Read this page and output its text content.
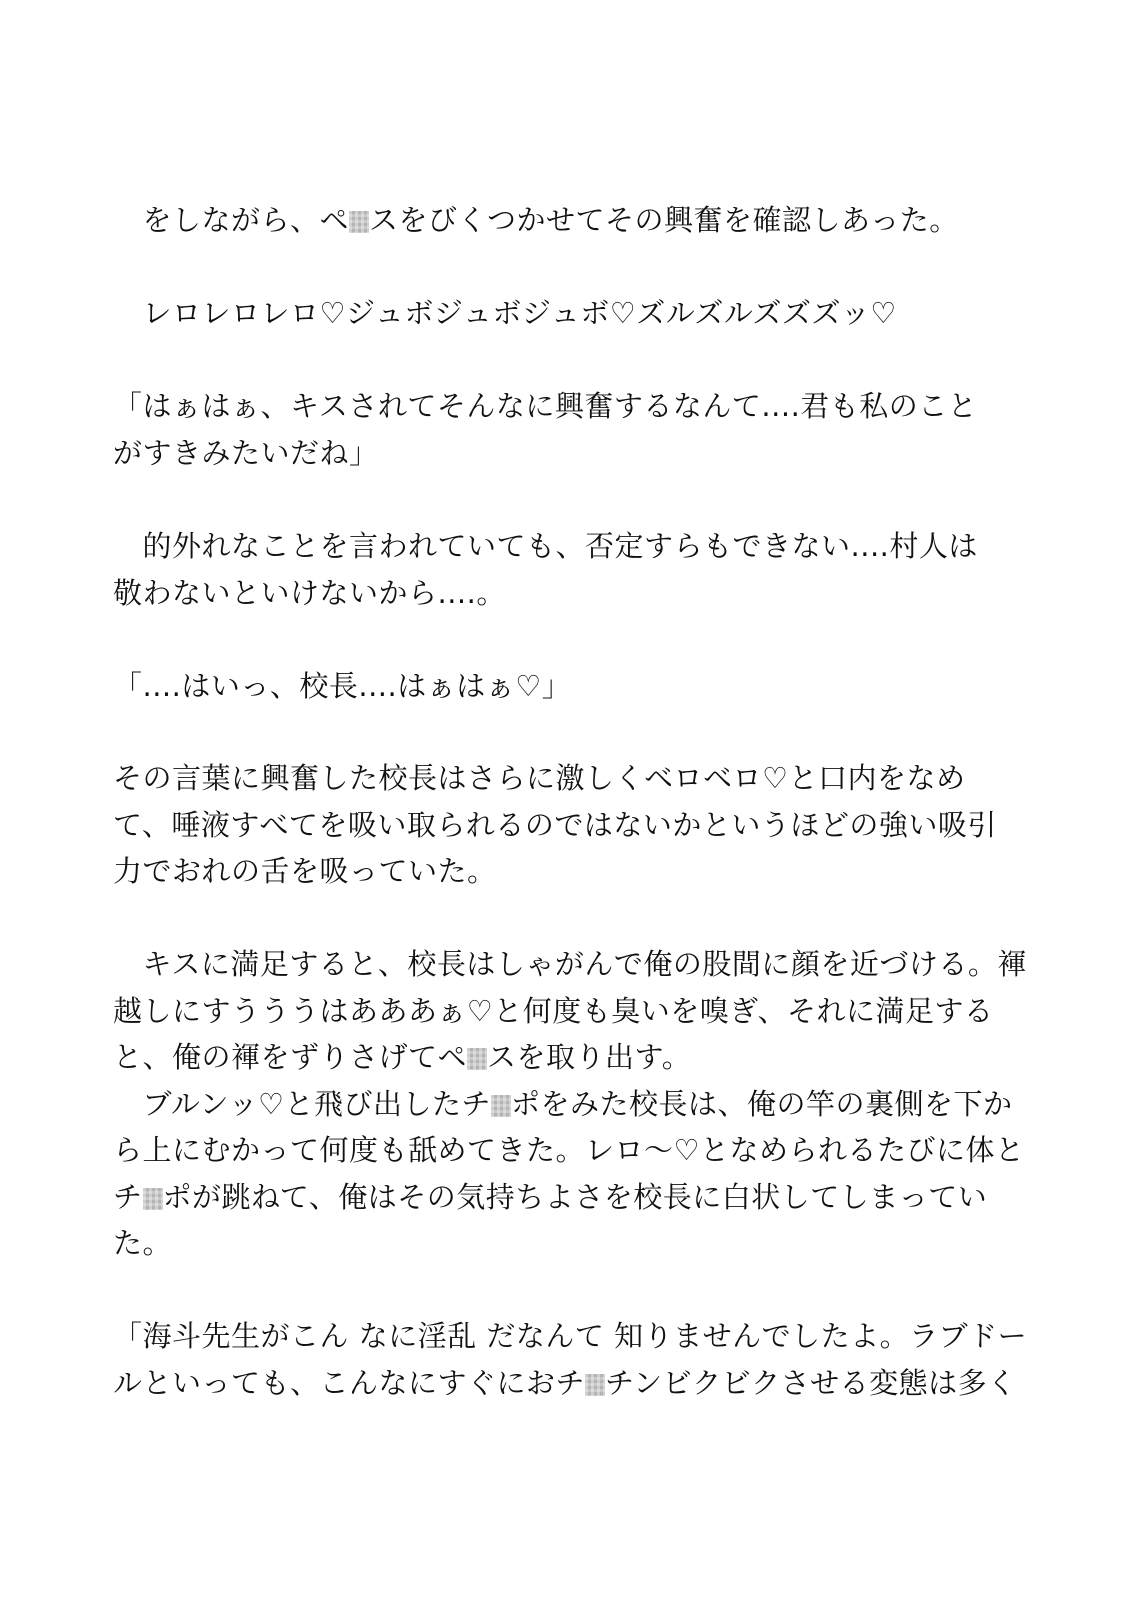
　をしながら、ペ スをびくつかせてその興奮を確認しあった。

　レロレロレロ♡ジュボジュボジュボ♡ズルズルズズズッ♡

「はぁはぁ、キスされてそんなに興奮するなんて....君も私のこと

がすきみたいだね」

　的外れなことを言われていても、否定すらもできない....村人は

敬わないといけないから....。

「....はいっ、校長....はぁはぁ♡」

その言葉に興奮した校長はさらに激しくベロベロ♡と口内をなめ

て、唾液すべてを吸い取られるのではないかというほどの強い吸引

力でおれの舌を吸っていた。

　キスに満足すると、校長はしゃがんで俺の股間に顔を近づける。褌

越しにすうううはあああぁ♡と何度も臭いを嗅ぎ、それに満足する

と、俺の褌をずりさげてペ スを取り出す。

　ブルンッ♡と飛び出したチ ポをみた校長は、俺の竿の裏側を下か

ら上にむかって何度も舐めてきた。レロ～♡となめられるたびに体と

チ ポが跳ねて、俺はその気持ちよさを校長に白状してしまってい

た。

「海斗先生がこん なに淫乱 だなんて 知りませんでしたよ。ラブドー

ルといっても、こんなにすぐにおチ チンビクビクさせる変態は多く
